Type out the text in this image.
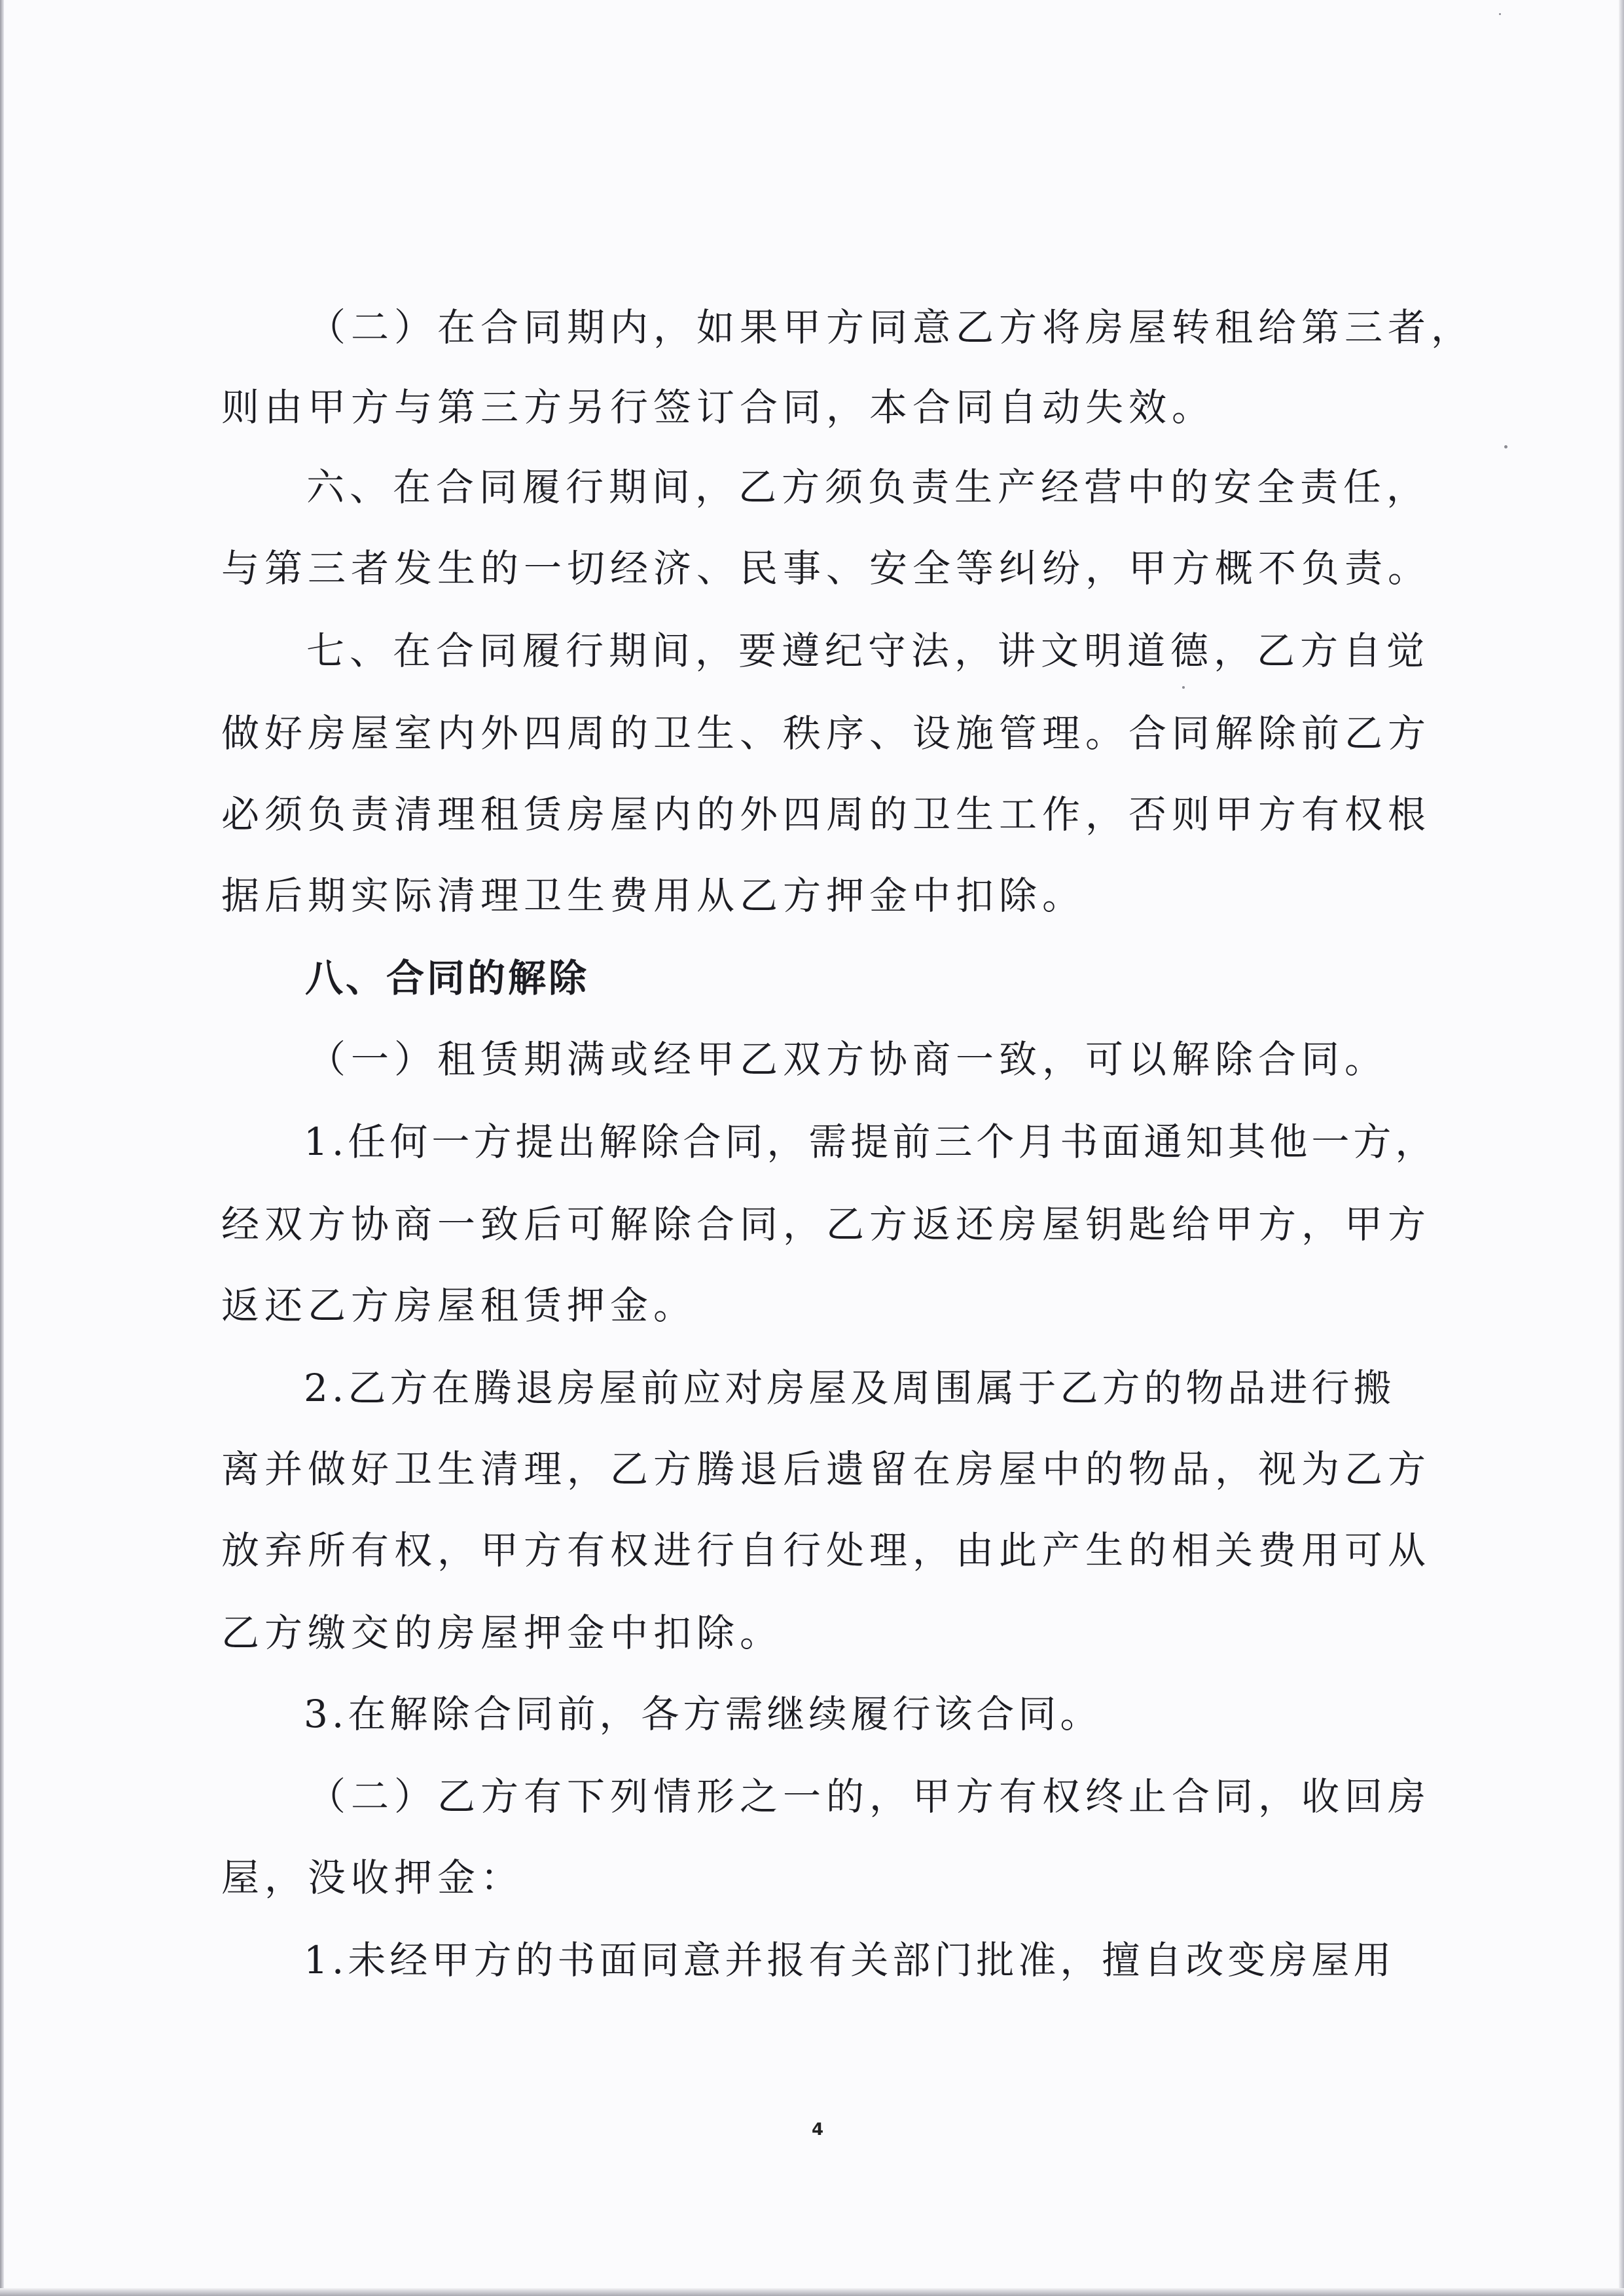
（二）在合同期内，如果甲方同意乙方将房屋转租给第三者，
则由甲方与第三方另行签订合同，本合同自动失效。
六、在合同履行期间，乙方须负责生产经营中的安全责任，
与第三者发生的一切经济、民事、安全等纠纷，甲方概不负责。
七、在合同履行期间，要遵纪守法，讲文明道德，乙方自觉
做好房屋室内外四周的卫生、秩序、设施管理。合同解除前乙方
必须负责清理租赁房屋内的外四周的卫生工作，否则甲方有权根
据后期实际清理卫生费用从乙方押金中扣除。
八、合同的解除
（一）租赁期满或经甲乙双方协商一致，可以解除合同。
1.任何一方提出解除合同，需提前三个月书面通知其他一方，
经双方协商一致后可解除合同，乙方返还房屋钥匙给甲方，甲方
返还乙方房屋租赁押金。
2.乙方在腾退房屋前应对房屋及周围属于乙方的物品进行搬
离并做好卫生清理，乙方腾退后遗留在房屋中的物品，视为乙方
放弃所有权，甲方有权进行自行处理，由此产生的相关费用可从
乙方缴交的房屋押金中扣除。
3.在解除合同前，各方需继续履行该合同。
（二）乙方有下列情形之一的，甲方有权终止合同，收回房
屋，没收押金：
1.未经甲方的书面同意并报有关部门批准，擅自改变房屋用
4
